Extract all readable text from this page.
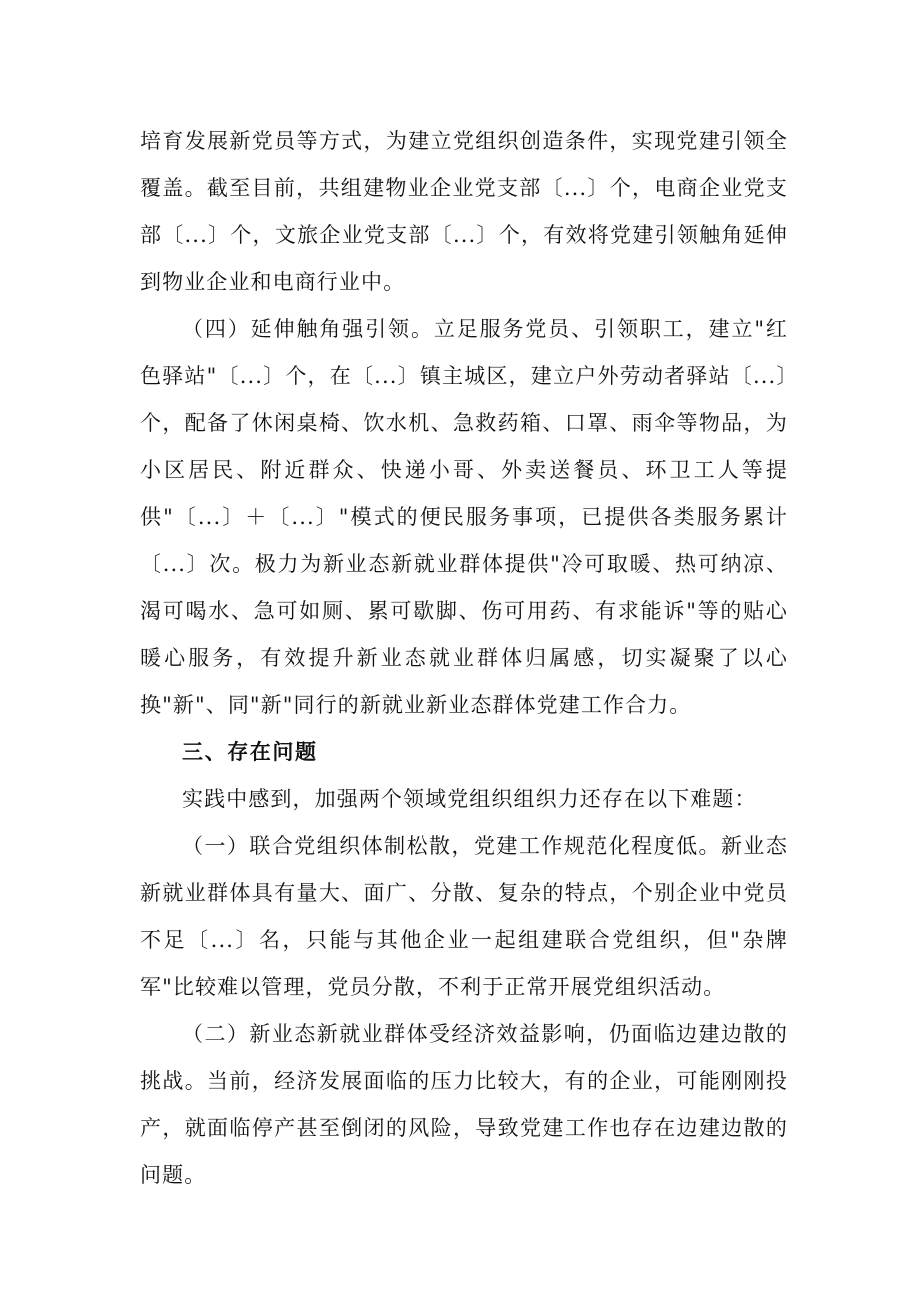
培育发展新党员等方式，为建立党组织创造条件，实现党建引领全覆盖。截至目前，共组建物业企业党支部〔...〕个，电商企业党支部〔...〕个，文旅企业党支部〔...〕个，有效将党建引领触角延伸到物业企业和电商行业中。

（四）延伸触角强引领。立足服务党员、引领职工，建立"红色驿站"〔...〕个，在〔...〕镇主城区，建立户外劳动者驿站〔...〕个，配备了休闲桌椅、饮水机、急救药箱、口罩、雨伞等物品，为小区居民、附近群众、快递小哥、外卖送餐员、环卫工人等提供"〔...〕＋〔...〕"模式的便民服务事项，已提供各类服务累计〔...〕次。极力为新业态新就业群体提供"冷可取暖、热可纳凉、渴可喝水、急可如厕、累可歇脚、伤可用药、有求能诉"等的贴心暖心服务，有效提升新业态就业群体归属感，切实凝聚了以心换"新"、同"新"同行的新就业新业态群体党建工作合力。

三、存在问题

实践中感到，加强两个领域党组织组织力还存在以下难题：

（一）联合党组织体制松散，党建工作规范化程度低。新业态新就业群体具有量大、面广、分散、复杂的特点，个别企业中党员不足〔...〕名，只能与其他企业一起组建联合党组织，但"杂牌军"比较难以管理，党员分散，不利于正常开展党组织活动。

（二）新业态新就业群体受经济效益影响，仍面临边建边散的挑战。当前，经济发展面临的压力比较大，有的企业，可能刚刚投产，就面临停产甚至倒闭的风险，导致党建工作也存在边建边散的问题。
